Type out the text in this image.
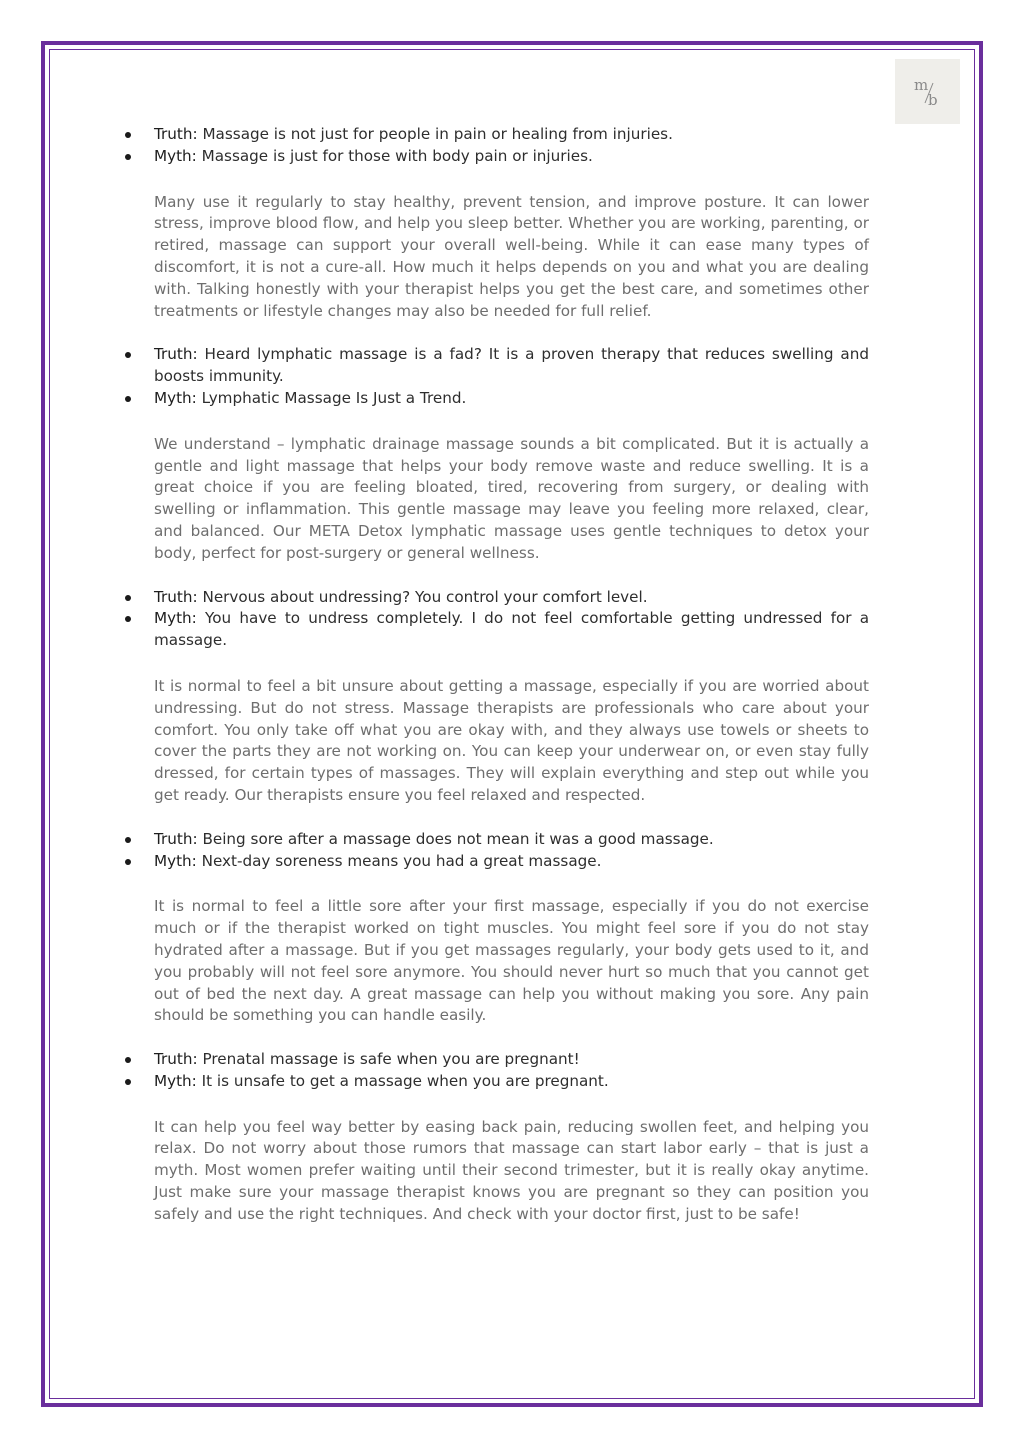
m
b
Truth: Massage is not just for people in pain or healing from injuries.
Myth: Massage is just for those with body pain or injuries.

Many use it regularly to stay healthy, prevent tension, and improve posture. It can lower stress, improve blood flow, and help you sleep better. Whether you are working, parenting, or retired, massage can support your overall well-being. While it can ease many types of discomfort, it is not a cure-all. How much it helps depends on you and what you are dealing with. Talking honestly with your therapist helps you get the best care, and sometimes other treatments or lifestyle changes may also be needed for full relief.

Truth: Heard lymphatic massage is a fad? It is a proven therapy that reduces swelling and boosts immunity.
Myth: Lymphatic Massage Is Just a Trend.

We understand – lymphatic drainage massage sounds a bit complicated. But it is actually a gentle and light massage that helps your body remove waste and reduce swelling. It is a great choice if you are feeling bloated, tired, recovering from surgery, or dealing with swelling or inflammation. This gentle massage may leave you feeling more relaxed, clear, and balanced. Our META Detox lymphatic massage uses gentle techniques to detox your body, perfect for post-surgery or general wellness.

Truth: Nervous about undressing? You control your comfort level.
Myth: You have to undress completely. I do not feel comfortable getting undressed for a massage.

It is normal to feel a bit unsure about getting a massage, especially if you are worried about undressing. But do not stress. Massage therapists are professionals who care about your comfort. You only take off what you are okay with, and they always use towels or sheets to cover the parts they are not working on. You can keep your underwear on, or even stay fully dressed, for certain types of massages. They will explain everything and step out while you get ready. Our therapists ensure you feel relaxed and respected.

Truth: Being sore after a massage does not mean it was a good massage.
Myth: Next-day soreness means you had a great massage.

It is normal to feel a little sore after your first massage, especially if you do not exercise much or if the therapist worked on tight muscles. You might feel sore if you do not stay hydrated after a massage. But if you get massages regularly, your body gets used to it, and you probably will not feel sore anymore. You should never hurt so much that you cannot get out of bed the next day. A great massage can help you without making you sore. Any pain should be something you can handle easily.

Truth: Prenatal massage is safe when you are pregnant!
Myth: It is unsafe to get a massage when you are pregnant.

It can help you feel way better by easing back pain, reducing swollen feet, and helping you relax. Do not worry about those rumors that massage can start labor early – that is just a myth. Most women prefer waiting until their second trimester, but it is really okay anytime. Just make sure your massage therapist knows you are pregnant so they can position you safely and use the right techniques. And check with your doctor first, just to be safe!
